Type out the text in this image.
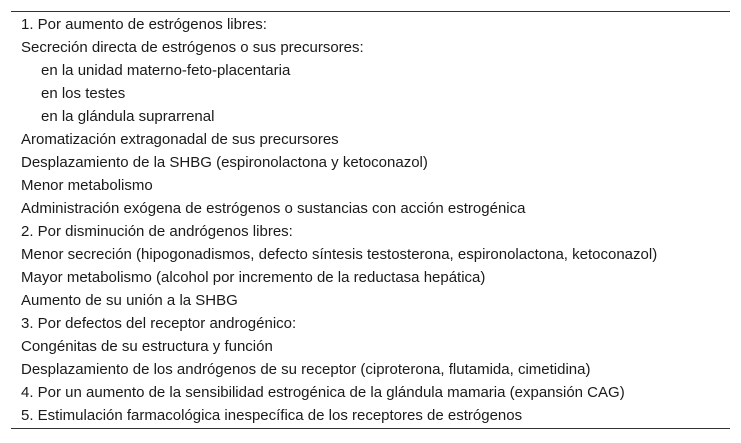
1. Por aumento de estrógenos libres:
Secreción directa de estrógenos o sus precursores:
en la unidad materno-feto-placentaria
en los testes
en la glándula suprarrenal
Aromatización extragonadal de sus precursores
Desplazamiento de la SHBG (espironolactona y ketoconazol)
Menor metabolismo
Administración exógena de estrógenos o sustancias con acción estrogénica
2. Por disminución de andrógenos libres:
Menor secreción (hipogonadismos, defecto síntesis testosterona, espironolactona, ketoconazol)
Mayor metabolismo (alcohol por incremento de la reductasa hepática)
Aumento de su unión a la SHBG
3. Por defectos del receptor androgénico:
Congénitas de su estructura y función
Desplazamiento de los andrógenos de su receptor (ciproterona, flutamida, cimetidina)
4. Por un aumento de la sensibilidad estrogénica de la glándula mamaria (expansión CAG)
5. Estimulación farmacológica inespecífica de los receptores de estrógenos
